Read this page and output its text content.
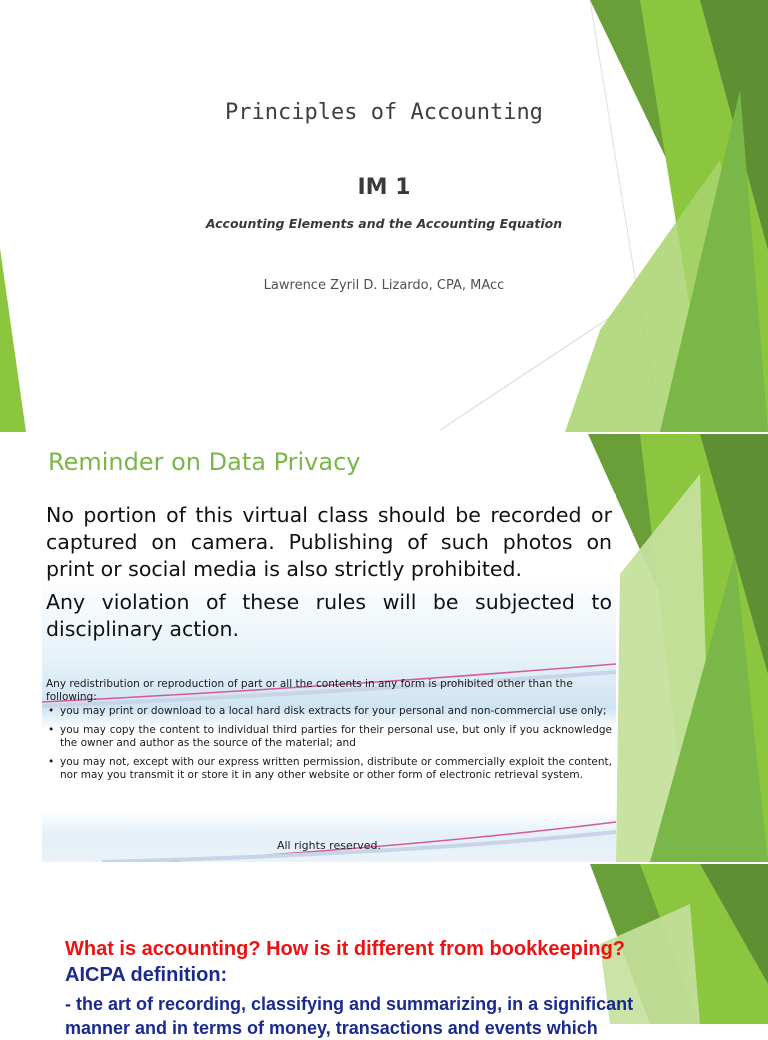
Principles of Accounting
IM 1
Accounting Elements and the Accounting Equation
Lawrence Zyril D. Lizardo, CPA, MAcc
Reminder on Data Privacy

No portion of this virtual class should be recorded or captured on camera. Publishing of such photos on print or social media is also strictly prohibited.

Any violation of these rules will be subjected to disciplinary action.

Any redistribution or reproduction of part or all the contents in any form is prohibited other than the following:

• you may print or download to a local hard disk extracts for your personal and non-commercial use only;
• you may copy the content to individual third parties for their personal use, but only if you acknowledge the owner and author as the source of the material; and
• you may not, except with our express written permission, distribute or commercially exploit the content, nor may you transmit it or store it in any other website or other form of electronic retrieval system.
All rights reserved.
What is accounting? How is it different from bookkeeping?
AICPA definition:
- the art of recording, classifying and summarizing, in a significant
manner and in terms of money, transactions and events which
